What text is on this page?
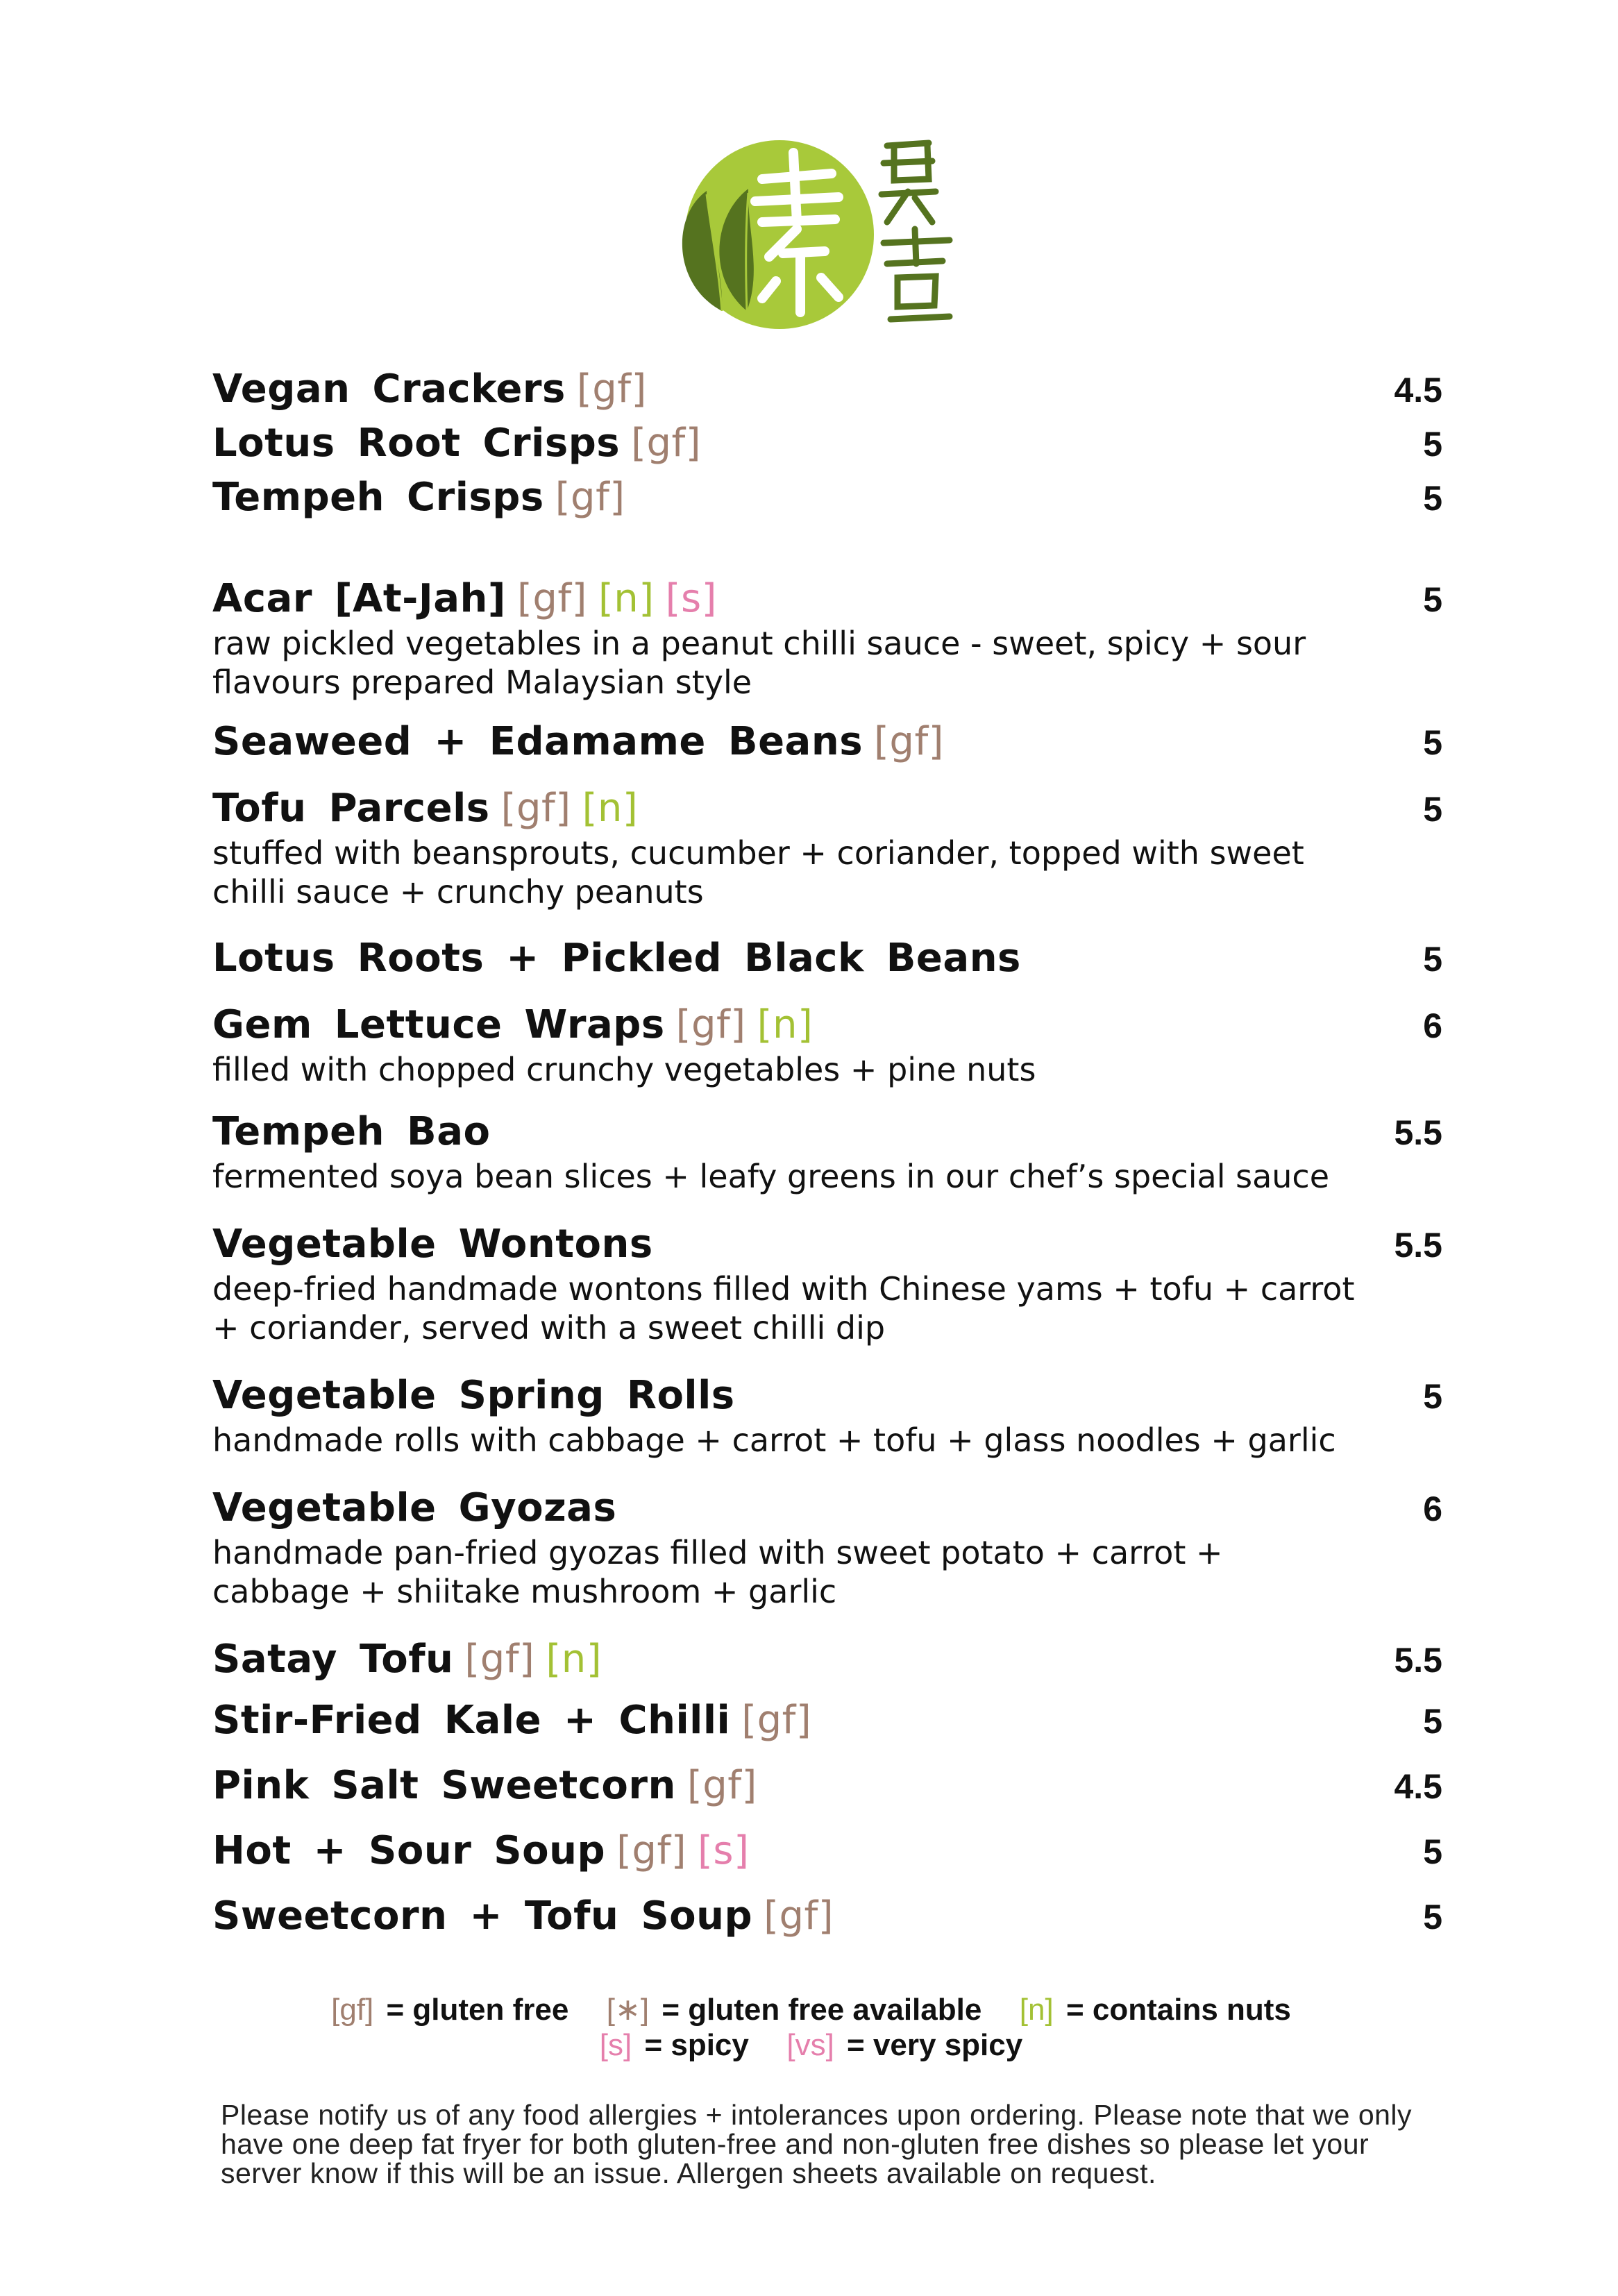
Vegan Crackers [gf]	4.5
Lotus Root Crisps [gf]	5
Tempeh Crisps [gf]	5
Acar [At-Jah] [gf] [n] [s]	5
raw pickled vegetables in a peanut chilli sauce - sweet, spicy + sour
flavours prepared Malaysian style
Seaweed + Edamame Beans [gf]	5
Tofu Parcels [gf] [n]	5
stuffed with beansprouts, cucumber + coriander, topped with sweet
chilli sauce + crunchy peanuts
Lotus Roots + Pickled Black Beans	5
Gem Lettuce Wraps [gf] [n]	6
filled with chopped crunchy vegetables + pine nuts
Tempeh Bao	5.5
fermented soya bean slices + leafy greens in our chef’s special sauce
Vegetable Wontons	5.5
deep-fried handmade wontons filled with Chinese yams + tofu + carrot
+ coriander, served with a sweet chilli dip
Vegetable Spring Rolls	5
handmade rolls with cabbage + carrot + tofu + glass noodles + garlic
Vegetable Gyozas	6
handmade pan-fried gyozas filled with sweet potato + carrot +
cabbage + shiitake mushroom + garlic
Satay Tofu [gf] [n]	5.5
Stir-Fried Kale + Chilli [gf]	5
Pink Salt Sweetcorn [gf]	4.5
Hot + Sour Soup [gf] [s]	5
Sweetcorn + Tofu Soup [gf]	5
[gf] = gluten free [∗] = gluten free available [n] = contains nuts
[s] = spicy [vs] = very spicy
Please notify us of any food allergies + intolerances upon ordering. Please note that we only
have one deep fat fryer for both gluten-free and non-gluten free dishes so please let your
server know if this will be an issue. Allergen sheets available on request.
